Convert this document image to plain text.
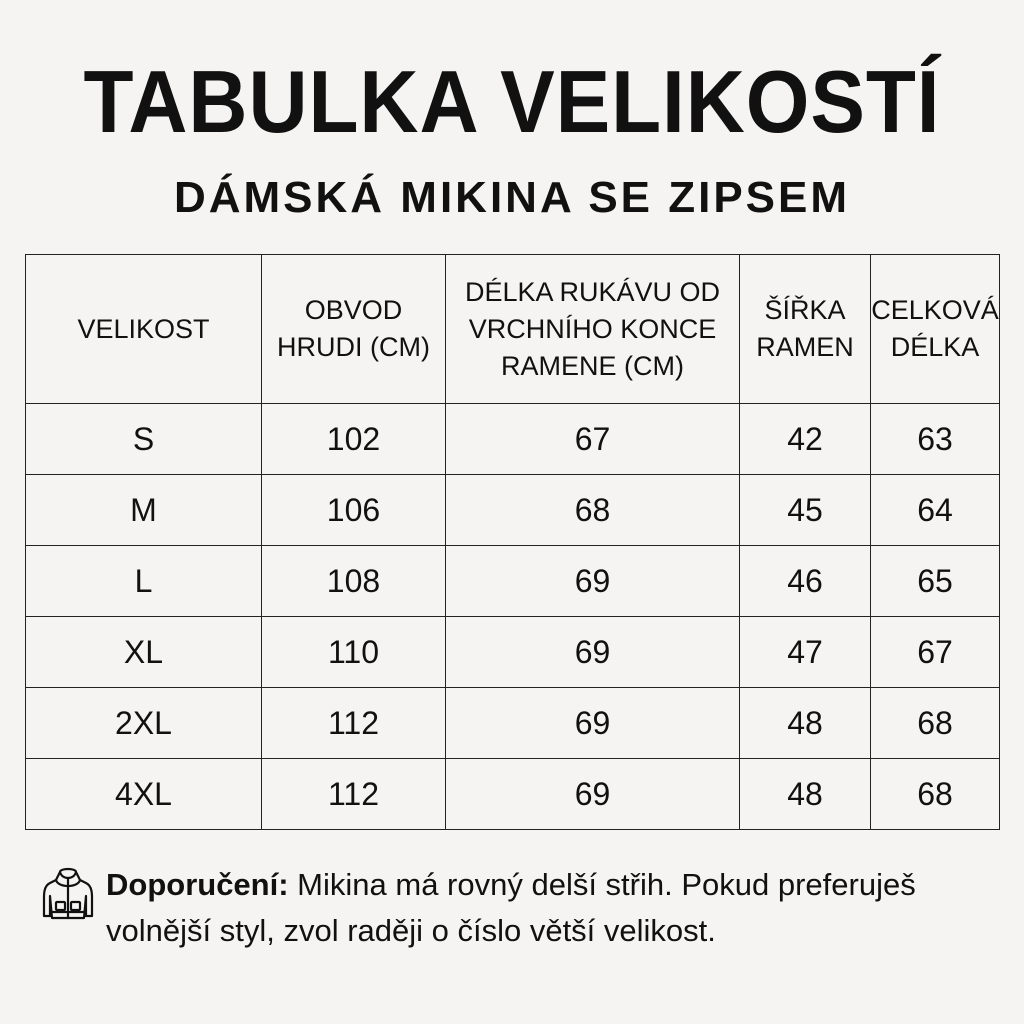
TABULKA VELIKOSTÍ
DÁMSKÁ MIKINA SE ZIPSEM
VELIKOST	OBVOD HRUDI (CM)	DÉLKA RUKÁVU OD VRCHNÍHO KONCE RAMENE (CM)	ŠÍŘKA RAMEN	CELKOVÁ DÉLKA
S	102	67	42	63
M	106	68	45	64
L	108	69	46	65
XL	110	69	47	67
2XL	112	69	48	68
4XL	112	69	48	68
Doporučení: Mikina má rovný delší střih. Pokud preferuješ volnější styl, zvol raději o číslo větší velikost.
